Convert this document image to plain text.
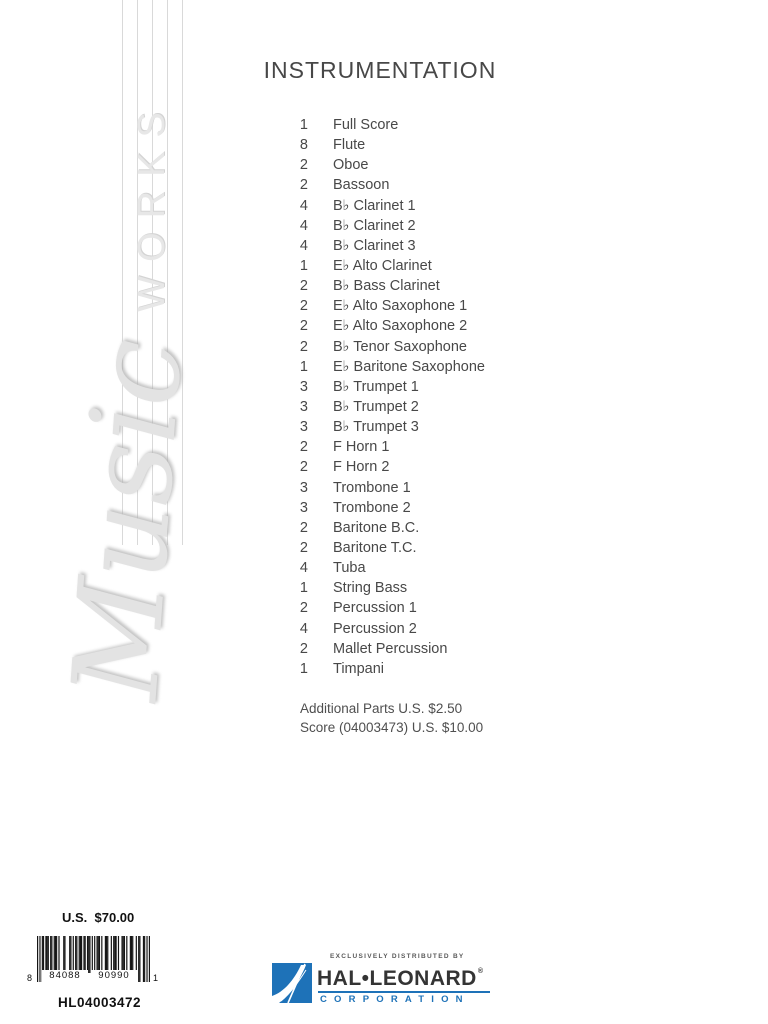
WORKS
Music
INSTRUMENTATION
1 Full Score
8 Flute
2 Oboe
2 Bassoon
4 B♭ Clarinet 1
4 B♭ Clarinet 2
4 B♭ Clarinet 3
1 E♭ Alto Clarinet
2 B♭ Bass Clarinet
2 E♭ Alto Saxophone 1
2 E♭ Alto Saxophone 2
2 B♭ Tenor Saxophone
1 E♭ Baritone Saxophone
3 B♭ Trumpet 1
3 B♭ Trumpet 2
3 B♭ Trumpet 3
2 F Horn 1
2 F Horn 2
3 Trombone 1
3 Trombone 2
2 Baritone B.C.
2 Baritone T.C.
4 Tuba
1 String Bass
2 Percussion 1
4 Percussion 2
2 Mallet Percussion
1 Timpani
Additional Parts U.S. $2.50
Score (04003473) U.S. $10.00
U.S.  $70.00
8	84088	90990	1
HL04003472
EXCLUSIVELY DISTRIBUTED BY
HAL•LEONARD®
CORPORATION
